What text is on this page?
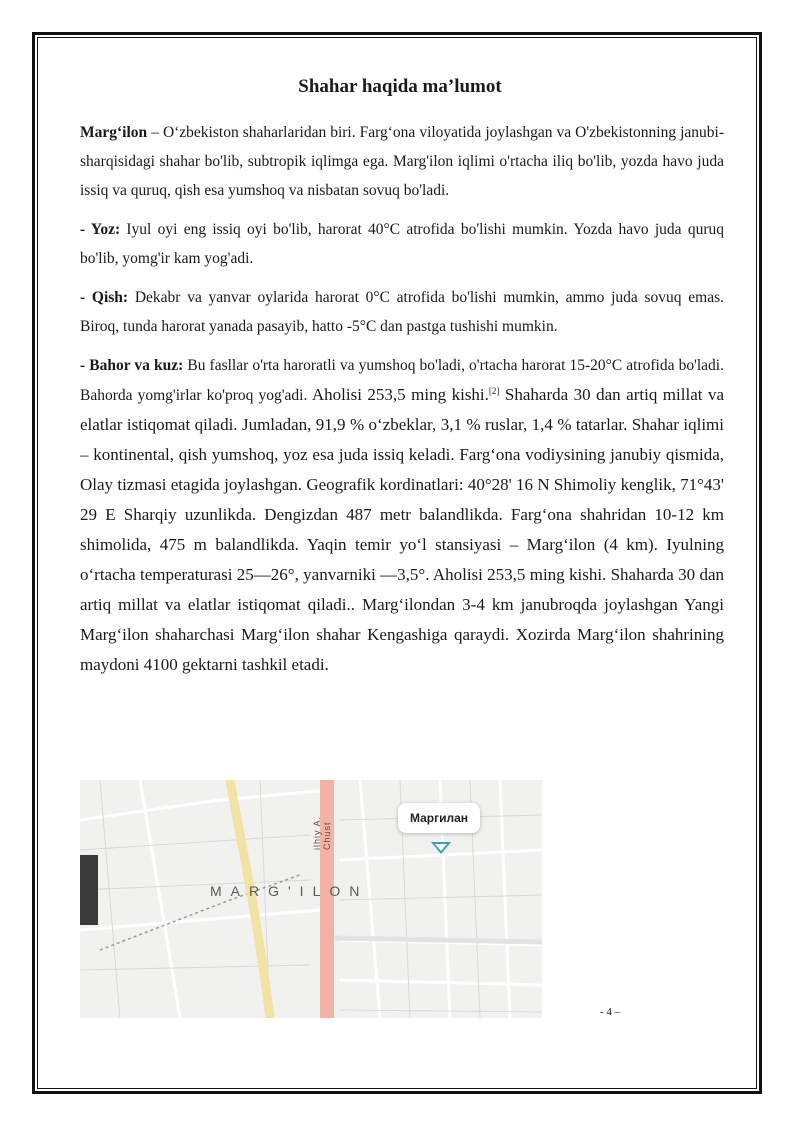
Shahar haqida ma’lumot

Marg‘ilon – O‘zbekiston shaharlaridan biri. Farg‘ona viloyatida joylashgan va O'zbekistonning janubi-sharqisidagi shahar bo'lib, subtropik iqlimga ega. Marg'ilon iqlimi o'rtacha iliq bo'lib, yozda havo juda issiq va quruq, qish esa yumshoq va nisbatan sovuq bo'ladi.

- Yoz: Iyul oyi eng issiq oyi bo'lib, harorat 40°C atrofida bo'lishi mumkin. Yozda havo juda quruq bo'lib, yomg'ir kam yog'adi.

- Qish: Dekabr va yanvar oylarida harorat 0°C atrofida bo'lishi mumkin, ammo juda sovuq emas. Biroq, tunda harorat yanada pasayib, hatto -5°C dan pastga tushishi mumkin.

- Bahor va kuz: Bu fasllar o'rta haroratli va yumshoq bo'ladi, o'rtacha harorat 15-20°C atrofida bo'ladi. Bahorda yomg'irlar ko'proq yog'adi. Aholisi 253,5 ming kishi.[2] Shaharda 30 dan artiq millat va elatlar istiqomat qiladi. Jumladan, 91,9 % o‘zbeklar, 3,1 % ruslar, 1,4 % tatarlar. Shahar iqlimi – kontinental, qish yumshoq, yoz esa juda issiq keladi. Farg‘ona vodiysining janubiy qismida, Olay tizmasi etagida joylashgan. Geografik kordinatlari: 40°28' 16 N Shimoliy kenglik, 71°43' 29 E Sharqiy uzunlikda. Dengizdan 487 metr balandlikda. Farg‘ona shahridan 10-12 km shimolida, 475 m balandlikda. Yaqin temir yo‘l stansiyasi – Marg‘ilon (4 km). Iyulning o‘rtacha temperaturasi 25—26°, yanvarniki —3,5°. Aholisi 253,5 ming kishi. Shaharda 30 dan artiq millat va elatlar istiqomat qiladi.. Marg‘ilondan 3-4 km janubroqda joylashgan Yangi Marg‘ilon shaharchasi Marg‘ilon shahar Kengashiga qaraydi. Xozirda Marg‘ilon shahrining maydoni 4100 gektarni tashkil etadi.

ilhiy A. Chust
MARG'ILON
Маргилан
- 4 –
